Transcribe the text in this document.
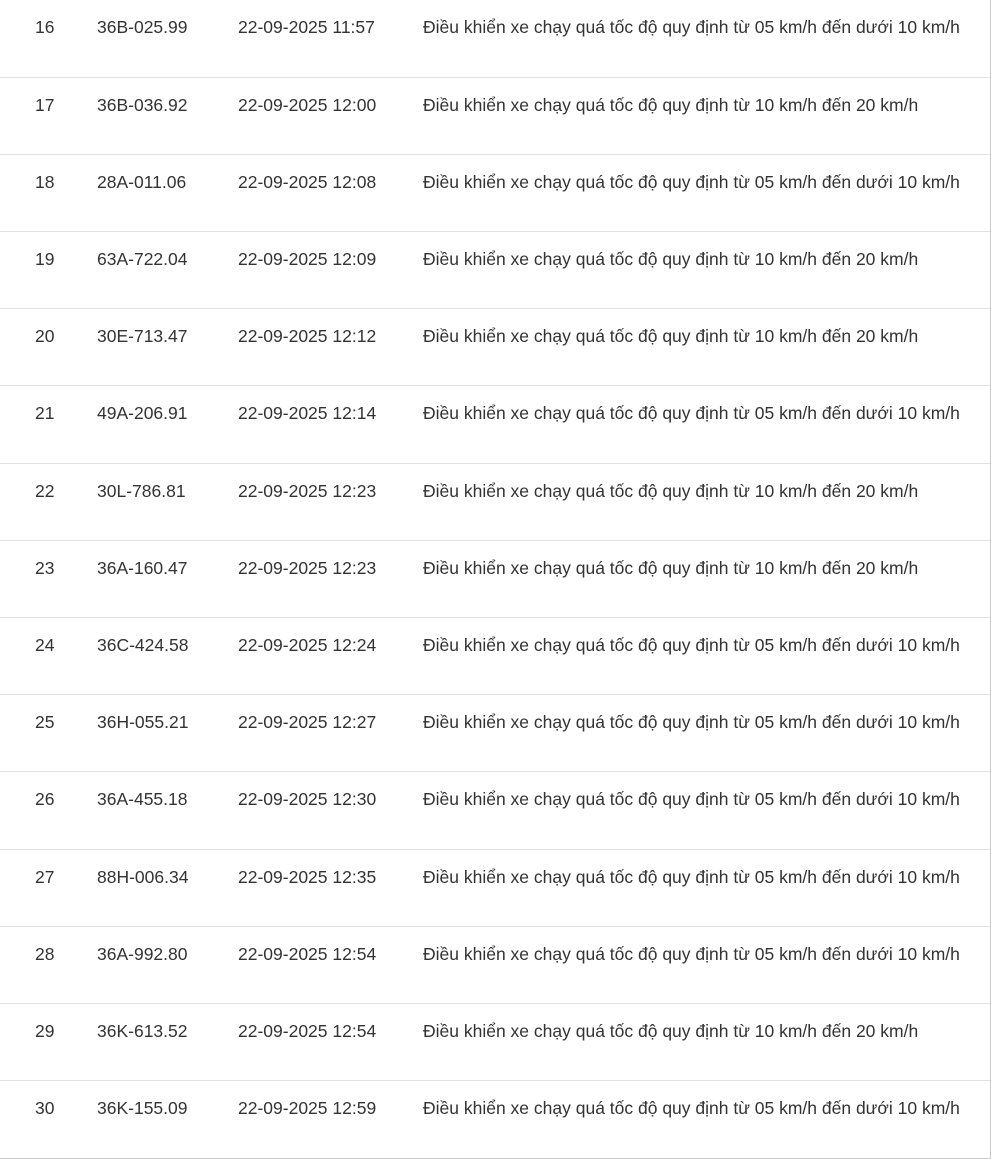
16	36B-025.99	22-09-2025 11:57	Điều khiển xe chạy quá tốc độ quy định từ 05 km/h đến dưới 10 km/h
17	36B-036.92	22-09-2025 12:00	Điều khiển xe chạy quá tốc độ quy định từ 10 km/h đến 20 km/h
18	28A-011.06	22-09-2025 12:08	Điều khiển xe chạy quá tốc độ quy định từ 05 km/h đến dưới 10 km/h
19	63A-722.04	22-09-2025 12:09	Điều khiển xe chạy quá tốc độ quy định từ 10 km/h đến 20 km/h
20	30E-713.47	22-09-2025 12:12	Điều khiển xe chạy quá tốc độ quy định từ 10 km/h đến 20 km/h
21	49A-206.91	22-09-2025 12:14	Điều khiển xe chạy quá tốc độ quy định từ 05 km/h đến dưới 10 km/h
22	30L-786.81	22-09-2025 12:23	Điều khiển xe chạy quá tốc độ quy định từ 10 km/h đến 20 km/h
23	36A-160.47	22-09-2025 12:23	Điều khiển xe chạy quá tốc độ quy định từ 10 km/h đến 20 km/h
24	36C-424.58	22-09-2025 12:24	Điều khiển xe chạy quá tốc độ quy định từ 05 km/h đến dưới 10 km/h
25	36H-055.21	22-09-2025 12:27	Điều khiển xe chạy quá tốc độ quy định từ 05 km/h đến dưới 10 km/h
26	36A-455.18	22-09-2025 12:30	Điều khiển xe chạy quá tốc độ quy định từ 05 km/h đến dưới 10 km/h
27	88H-006.34	22-09-2025 12:35	Điều khiển xe chạy quá tốc độ quy định từ 05 km/h đến dưới 10 km/h
28	36A-992.80	22-09-2025 12:54	Điều khiển xe chạy quá tốc độ quy định từ 05 km/h đến dưới 10 km/h
29	36K-613.52	22-09-2025 12:54	Điều khiển xe chạy quá tốc độ quy định từ 10 km/h đến 20 km/h
30	36K-155.09	22-09-2025 12:59	Điều khiển xe chạy quá tốc độ quy định từ 05 km/h đến dưới 10 km/h
